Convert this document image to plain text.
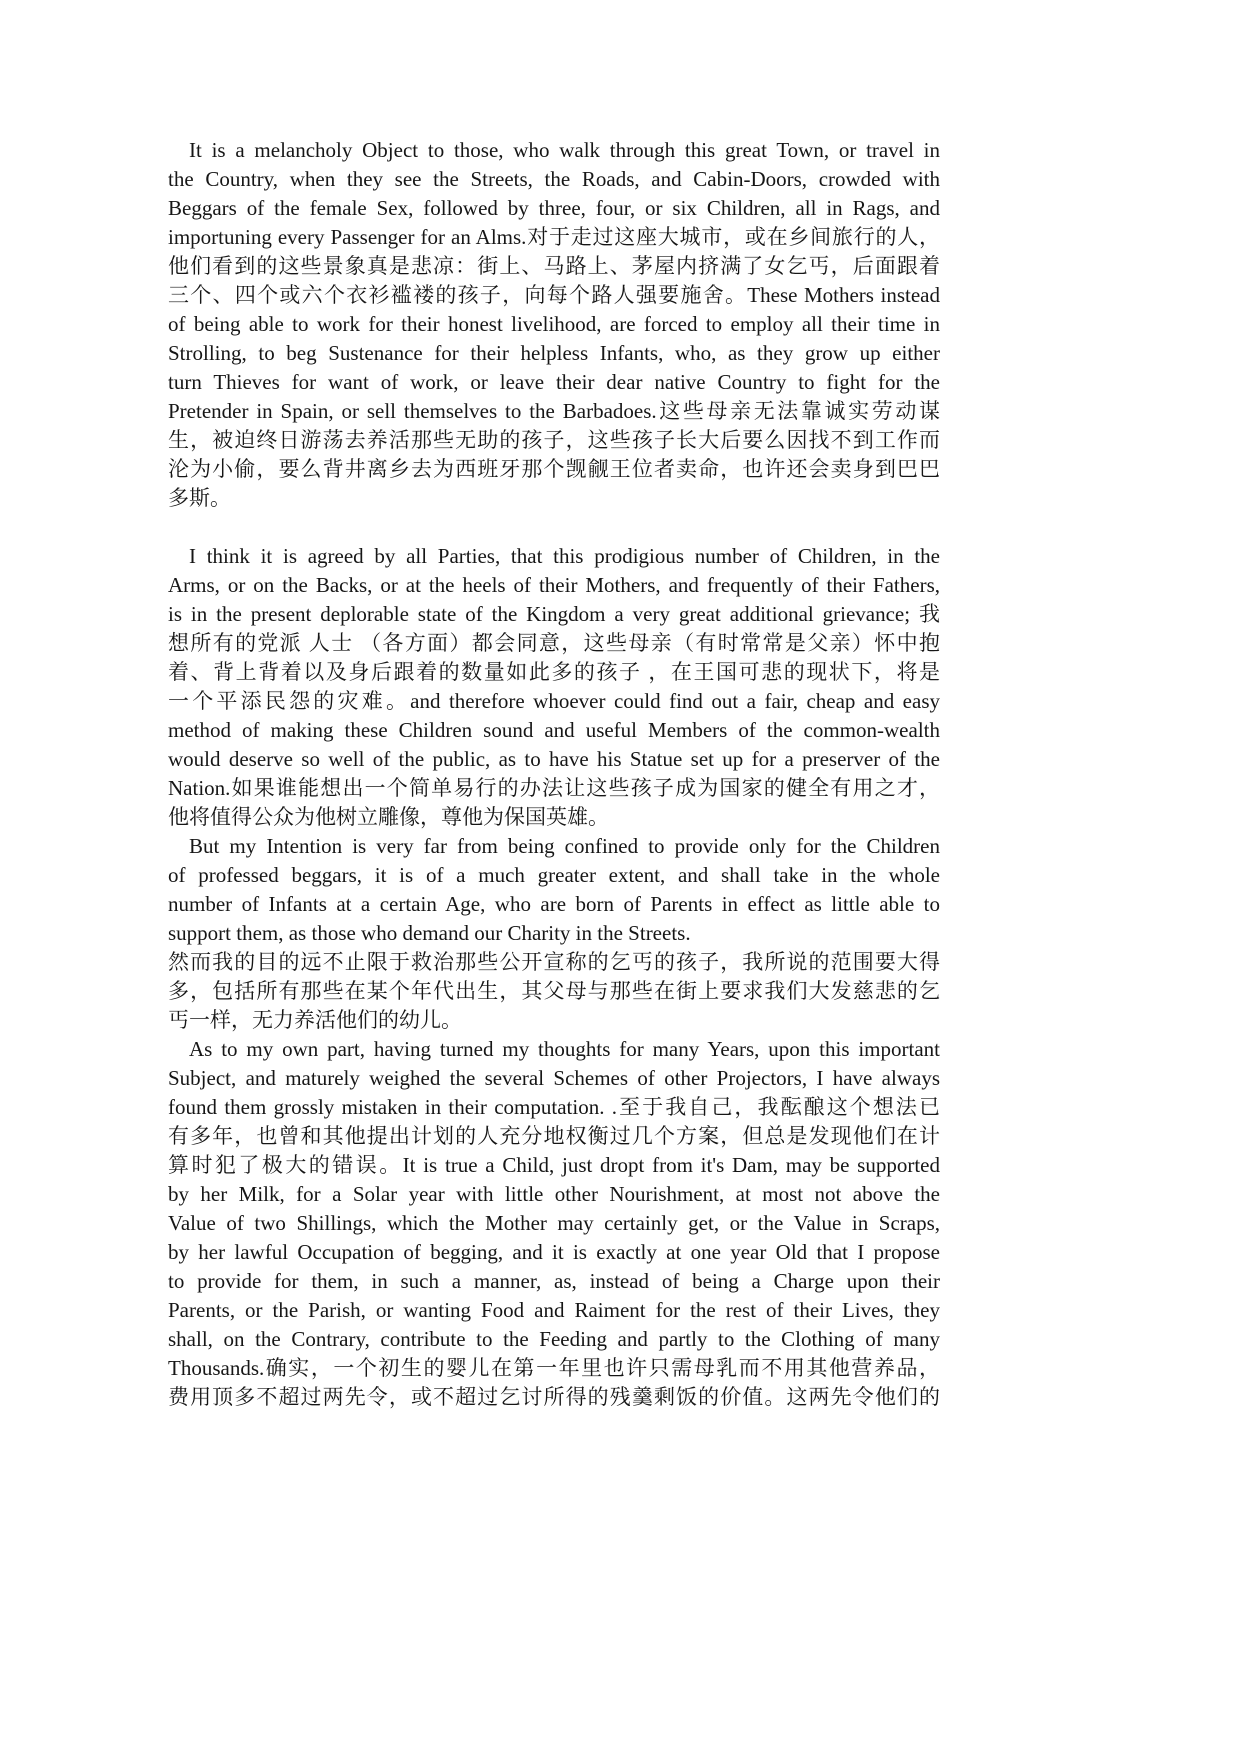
It is a melancholy Object to those, who walk through this great Town, or travel in
the Country, when they see the Streets, the Roads, and Cabin-Doors, crowded with
Beggars of the female Sex, followed by three, four, or six Children, all in Rags, and
importuning every Passenger for an Alms.对于走过这座大城市，或在乡间旅行的人，
他们看到的这些景象真是悲凉：街上、马路上、茅屋内挤满了女乞丐，后面跟着
三个、四个或六个衣衫褴褛的孩子，向每个路人强要施舍。These Mothers instead
of being able to work for their honest livelihood, are forced to employ all their time in
Strolling, to beg Sustenance for their helpless Infants, who, as they grow up either
turn Thieves for want of work, or leave their dear native Country to fight for the
Pretender in Spain, or sell themselves to the Barbadoes.这些母亲无法靠诚实劳动谋
生，被迫终日游荡去养活那些无助的孩子，这些孩子长大后要么因找不到工作而
沦为小偷，要么背井离乡去为西班牙那个觊觎王位者卖命，也许还会卖身到巴巴
多斯。
I think it is agreed by all Parties, that this prodigious number of Children, in the
Arms, or on the Backs, or at the heels of their Mothers, and frequently of their Fathers,
is in the present deplorable state of the Kingdom a very great additional grievance; 我
想所有的党派 人士 （各方面）都会同意，这些母亲（有时常常是父亲）怀中抱
着、背上背着以及身后跟着的数量如此多的孩子 ，在王国可悲的现状下，将是
一个平添民怨的灾难。and therefore whoever could find out a fair, cheap and easy
method of making these Children sound and useful Members of the common-wealth
would deserve so well of the public, as to have his Statue set up for a preserver of the
Nation.如果谁能想出一个简单易行的办法让这些孩子成为国家的健全有用之才，
他将值得公众为他树立雕像，尊他为保国英雄。
But my Intention is very far from being confined to provide only for the Children
of professed beggars, it is of a much greater extent, and shall take in the whole
number of Infants at a certain Age, who are born of Parents in effect as little able to
support them, as those who demand our Charity in the Streets.
然而我的目的远不止限于救治那些公开宣称的乞丐的孩子，我所说的范围要大得
多，包括所有那些在某个年代出生，其父母与那些在街上要求我们大发慈悲的乞
丐一样，无力养活他们的幼儿。
As to my own part, having turned my thoughts for many Years, upon this important
Subject, and maturely weighed the several Schemes of other Projectors, I have always
found them grossly mistaken in their computation. .至于我自己，我酝酿这个想法已
有多年，也曾和其他提出计划的人充分地权衡过几个方案，但总是发现他们在计
算时犯了极大的错误。It is true a Child, just dropt from it's Dam, may be supported
by her Milk, for a Solar year with little other Nourishment, at most not above the
Value of two Shillings, which the Mother may certainly get, or the Value in Scraps,
by her lawful Occupation of begging, and it is exactly at one year Old that I propose
to provide for them, in such a manner, as, instead of being a Charge upon their
Parents, or the Parish, or wanting Food and Raiment for the rest of their Lives, they
shall, on the Contrary, contribute to the Feeding and partly to the Clothing of many
Thousands.确实，一个初生的婴儿在第一年里也许只需母乳而不用其他营养品，
费用顶多不超过两先令，或不超过乞讨所得的残羹剩饭的价值。这两先令他们的
